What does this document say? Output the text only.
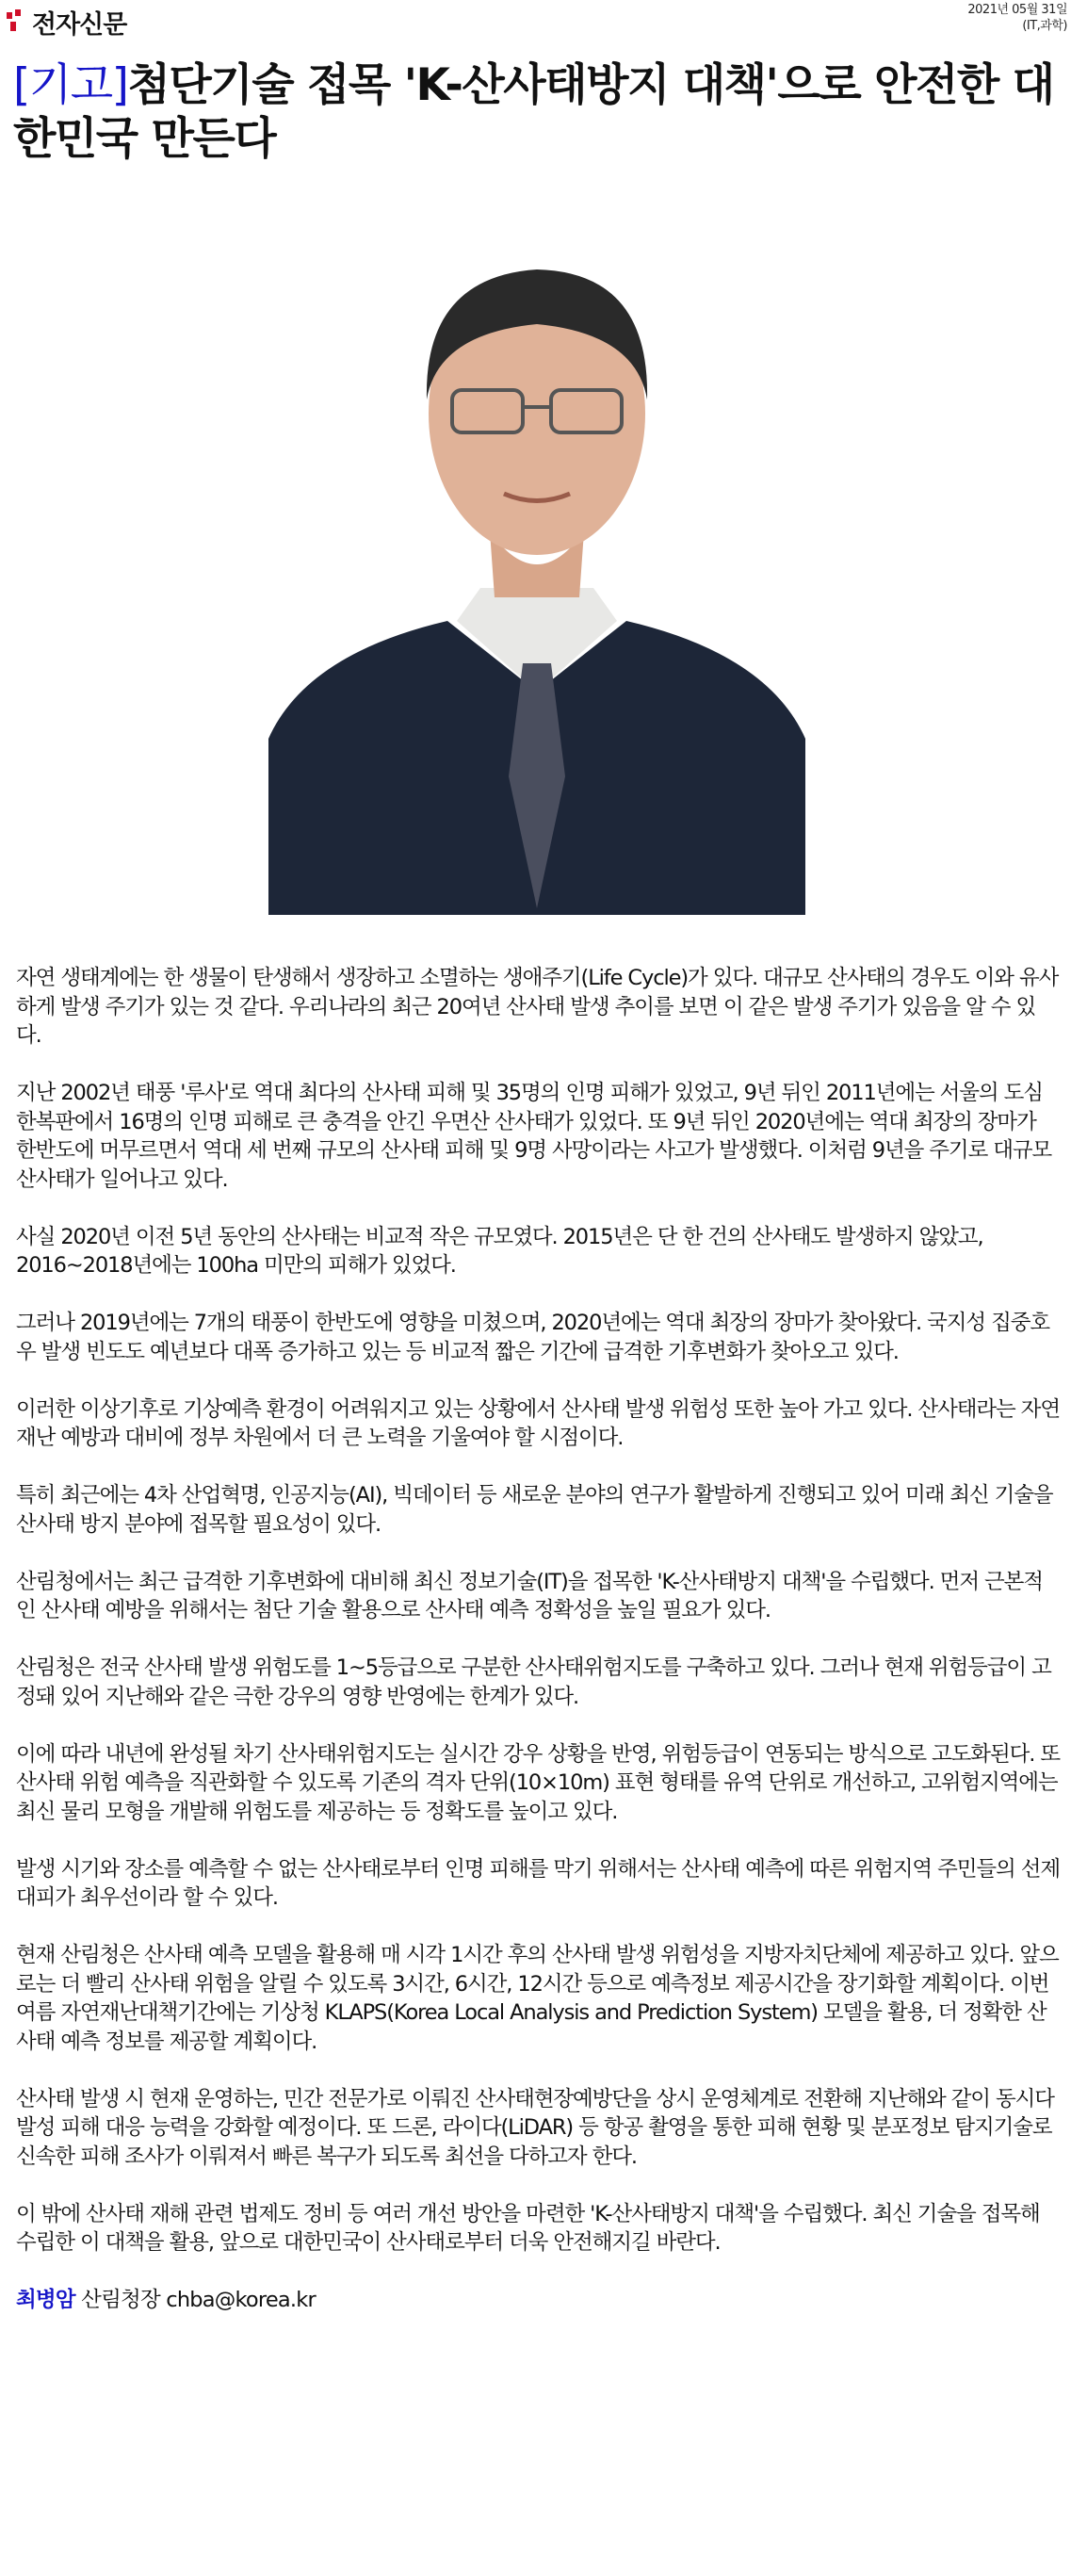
전자신문
2021년 05월 31일
(IT,과학)
[기고]첨단기술 접목 'K-산사태방지 대책'으로 안전한 대한민국 만든다

자연 생태계에는 한 생물이 탄생해서 생장하고 소멸하는 생애주기(Life Cycle)가 있다. 대규모 산사태의 경우도 이와 유사하게 발생 주기가 있는 것 같다. 우리나라의 최근 20여년 산사태 발생 추이를 보면 이 같은 발생 주기가 있음을 알 수 있다.

지난 2002년 태풍 '루사'로 역대 최다의 산사태 피해 및 35명의 인명 피해가 있었고, 9년 뒤인 2011년에는 서울의 도심 한복판에서 16명의 인명 피해로 큰 충격을 안긴 우면산 산사태가 있었다. 또 9년 뒤인 2020년에는 역대 최장의 장마가 한반도에 머무르면서 역대 세 번째 규모의 산사태 피해 및 9명 사망이라는 사고가 발생했다. 이처럼 9년을 주기로 대규모 산사태가 일어나고 있다.

사실 2020년 이전 5년 동안의 산사태는 비교적 작은 규모였다. 2015년은 단 한 건의 산사태도 발생하지 않았고, 2016~2018년에는 100ha 미만의 피해가 있었다.

그러나 2019년에는 7개의 태풍이 한반도에 영향을 미쳤으며, 2020년에는 역대 최장의 장마가 찾아왔다. 국지성 집중호우 발생 빈도도 예년보다 대폭 증가하고 있는 등 비교적 짧은 기간에 급격한 기후변화가 찾아오고 있다.

이러한 이상기후로 기상예측 환경이 어려워지고 있는 상황에서 산사태 발생 위험성 또한 높아 가고 있다. 산사태라는 자연재난 예방과 대비에 정부 차원에서 더 큰 노력을 기울여야 할 시점이다.

특히 최근에는 4차 산업혁명, 인공지능(AI), 빅데이터 등 새로운 분야의 연구가 활발하게 진행되고 있어 미래 최신 기술을 산사태 방지 분야에 접목할 필요성이 있다.

산림청에서는 최근 급격한 기후변화에 대비해 최신 정보기술(IT)을 접목한 'K-산사태방지 대책'을 수립했다. 먼저 근본적인 산사태 예방을 위해서는 첨단 기술 활용으로 산사태 예측 정확성을 높일 필요가 있다.

산림청은 전국 산사태 발생 위험도를 1~5등급으로 구분한 산사태위험지도를 구축하고 있다. 그러나 현재 위험등급이 고정돼 있어 지난해와 같은 극한 강우의 영향 반영에는 한계가 있다.

이에 따라 내년에 완성될 차기 산사태위험지도는 실시간 강우 상황을 반영, 위험등급이 연동되는 방식으로 고도화된다. 또 산사태 위험 예측을 직관화할 수 있도록 기존의 격자 단위(10×10m) 표현 형태를 유역 단위로 개선하고, 고위험지역에는 최신 물리 모형을 개발해 위험도를 제공하는 등 정확도를 높이고 있다.

발생 시기와 장소를 예측할 수 없는 산사태로부터 인명 피해를 막기 위해서는 산사태 예측에 따른 위험지역 주민들의 선제 대피가 최우선이라 할 수 있다.

현재 산림청은 산사태 예측 모델을 활용해 매 시각 1시간 후의 산사태 발생 위험성을 지방자치단체에 제공하고 있다. 앞으로는 더 빨리 산사태 위험을 알릴 수 있도록 3시간, 6시간, 12시간 등으로 예측정보 제공시간을 장기화할 계획이다. 이번 여름 자연재난대책기간에는 기상청 KLAPS(Korea Local Analysis and Prediction System) 모델을 활용, 더 정확한 산사태 예측 정보를 제공할 계획이다.

산사태 발생 시 현재 운영하는, 민간 전문가로 이뤄진 산사태현장예방단을 상시 운영체계로 전환해 지난해와 같이 동시다발성 피해 대응 능력을 강화할 예정이다. 또 드론, 라이다(LiDAR) 등 항공 촬영을 통한 피해 현황 및 분포정보 탐지기술로 신속한 피해 조사가 이뤄져서 빠른 복구가 되도록 최선을 다하고자 한다.

이 밖에 산사태 재해 관련 법제도 정비 등 여러 개선 방안을 마련한 'K-산사태방지 대책'을 수립했다. 최신 기술을 접목해 수립한 이 대책을 활용, 앞으로 대한민국이 산사태로부터 더욱 안전해지길 바란다.

최병암 산림청장 chba@korea.kr
